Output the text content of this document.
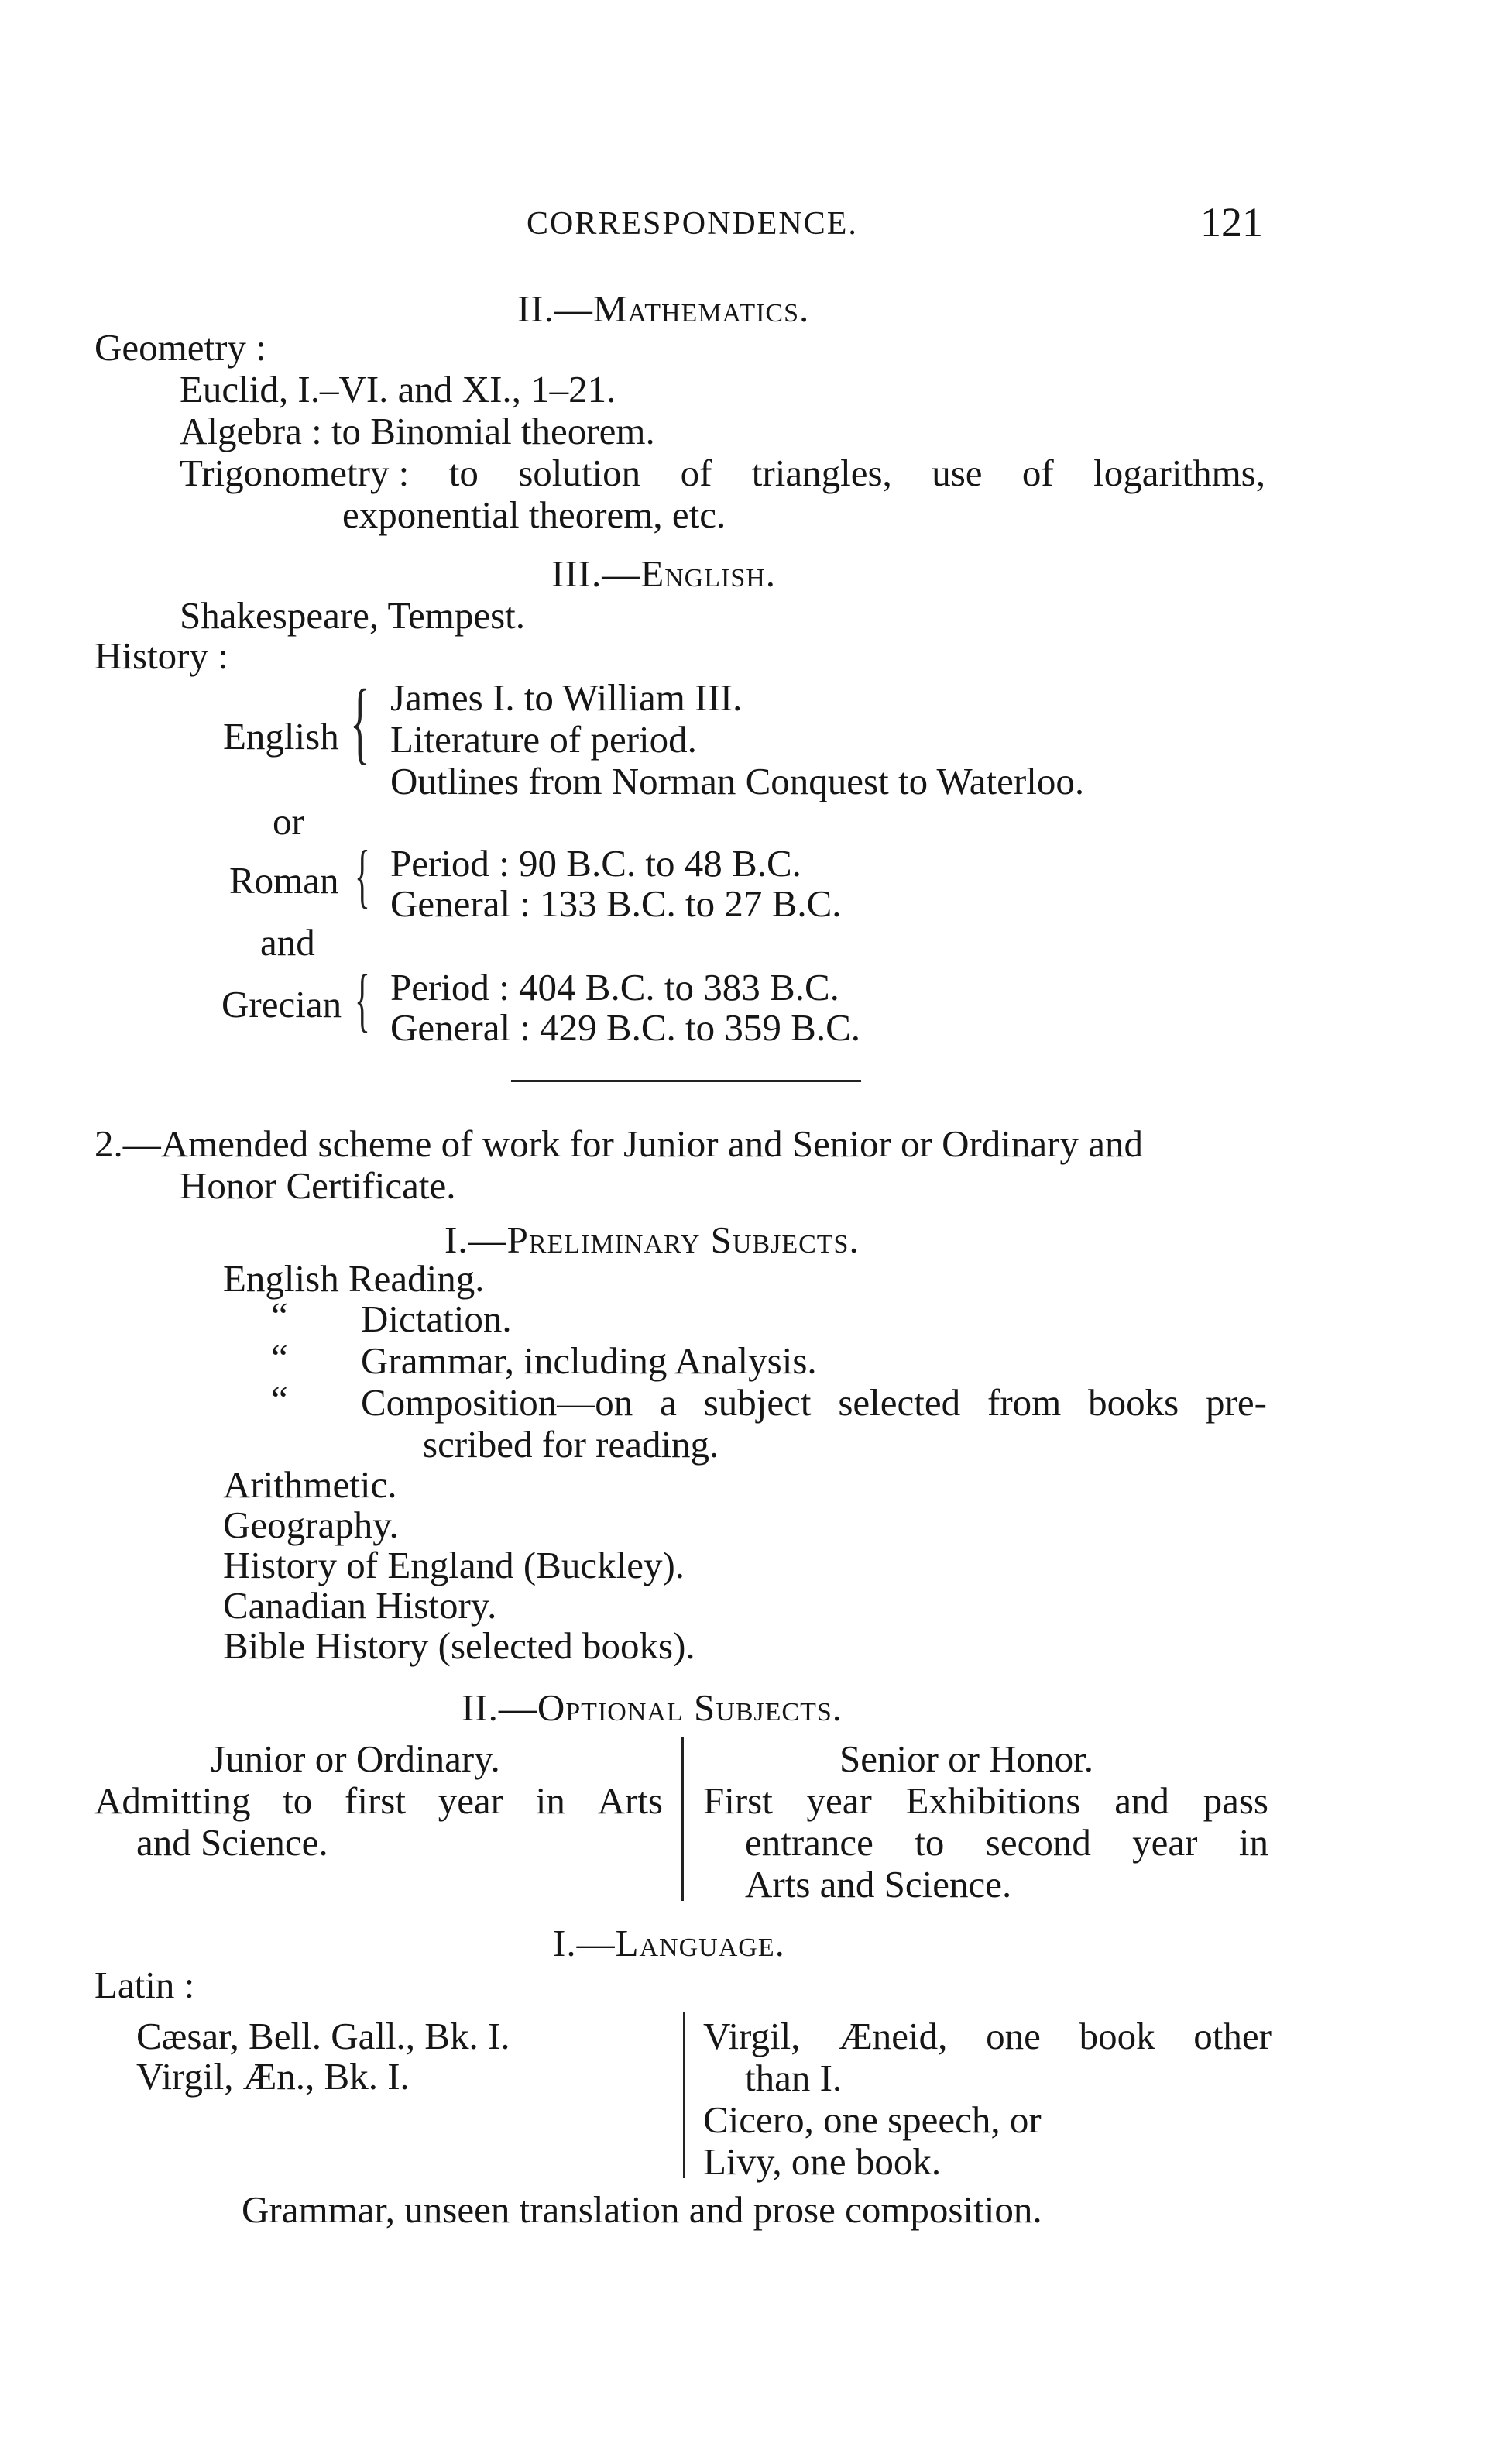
CORRESPONDENCE.	121
II.—Mathematics.
Geometry :
Euclid, I.–VI. and XI., 1–21.
Algebra : to Binomial theorem.
Trigonometry : to solution of triangles, use of logarithms,
exponential theorem, etc.
III.—English.
Shakespeare, Tempest.
History :
English { James I. to William III.
Literature of period.
Outlines from Norman Conquest to Waterloo.
or
Roman { Period : 90 B.C. to 48 B.C.
General : 133 B.C. to 27 B.C.
and
Grecian { Period : 404 B.C. to 383 B.C.
General : 429 B.C. to 359 B.C.
2.—Amended scheme of work for Junior and Senior or Ordinary and
Honor Certificate.
I.—Preliminary Subjects.
English Reading.
“ Dictation.
“ Grammar, including Analysis.
“ Composition—on a subject selected from books pre-
scribed for reading.
Arithmetic.
Geography.
History of England (Buckley).
Canadian History.
Bible History (selected books).
II.—Optional Subjects.
Junior or Ordinary.
Admitting to first year in Arts
and Science.
Senior or Honor.
First year Exhibitions and pass
entrance to second year in
Arts and Science.
I.—Language.
Latin :
Cæsar, Bell. Gall., Bk. I.
Virgil, Æn., Bk. I.
Virgil, Æneid, one book other
than I.
Cicero, one speech, or
Livy, one book.
Grammar, unseen translation and prose composition.
